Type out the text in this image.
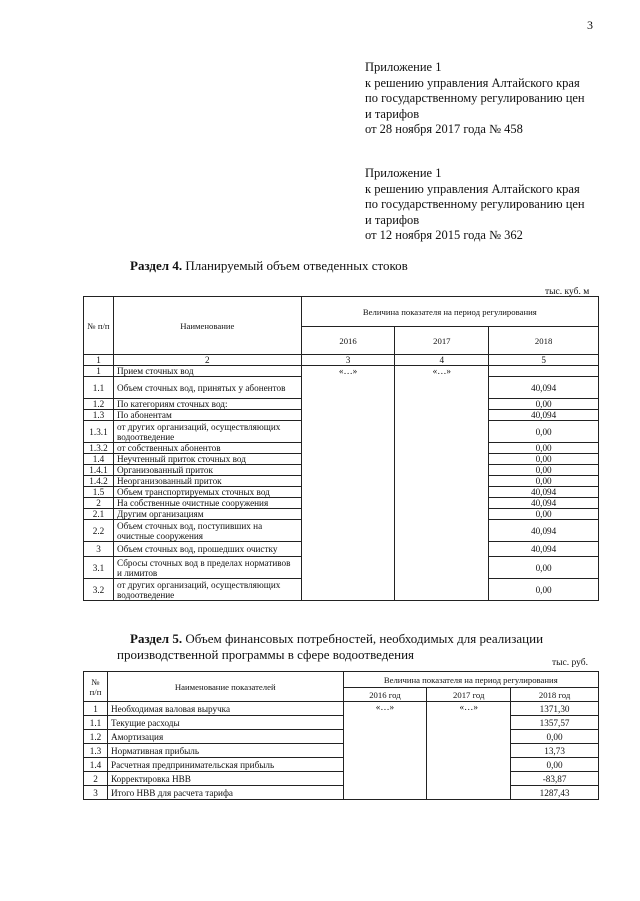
3
Приложение 1
к решению управления Алтайского края
по государственному регулированию цен
и тарифов
от 28 ноября 2017 года № 458
Приложение 1
к решению управления Алтайского края
по государственному регулированию цен
и тарифов
от 12 ноября 2015 года № 362
Раздел 4. Планируемый объем отведенных стоков
тыс. куб. м
№ п/п	Наименование	Величина показателя на период регулирования		
		2016	2017	2018
1	2	3	4	5
1	Прием сточных вод	«…»	«…»	
1.1	Объем сточных вод, принятых у абонентов			40,094
1.2	По категориям сточных вод:			0,00
1.3	По абонентам			40,094
1.3.1	от других организаций, осуществляющих водоотведение			0,00
1.3.2	от собственных абонентов			0,00
1.4	Неучтенный приток сточных вод			0,00
1.4.1	Организованный приток			0,00
1.4.2	Неорганизованный приток			0,00
1.5	Объем транспортируемых сточных вод			40,094
2	На собственные очистные сооружения			40,094
2.1	Другим организациям			0,00
2.2	Объем сточных вод, поступивших на очистные сооружения			40,094
3	Объем сточных вод, прошедших очистку			40,094
3.1	Сбросы сточных вод в пределах нормативов и лимитов			0,00
3.2	от других организаций, осуществляющих водоотведение			0,00
Раздел 5. Объем финансовых потребностей, необходимых для реализации производственной программы в сфере водоотведения
тыс. руб.
№ п/п	Наименование показателей	Величина показателя на период регулирования		
		2016 год	2017 год	2018 год
1	Необходимая валовая выручка	«…»	«…»	1371,30
1.1	Текущие расходы			1357,57
1.2	Амортизация			0,00
1.3	Нормативная прибыль			13,73
1.4	Расчетная предпринимательская прибыль			0,00
2	Корректировка НВВ			-83,87
3	Итого НВВ для расчета тарифа			1287,43
